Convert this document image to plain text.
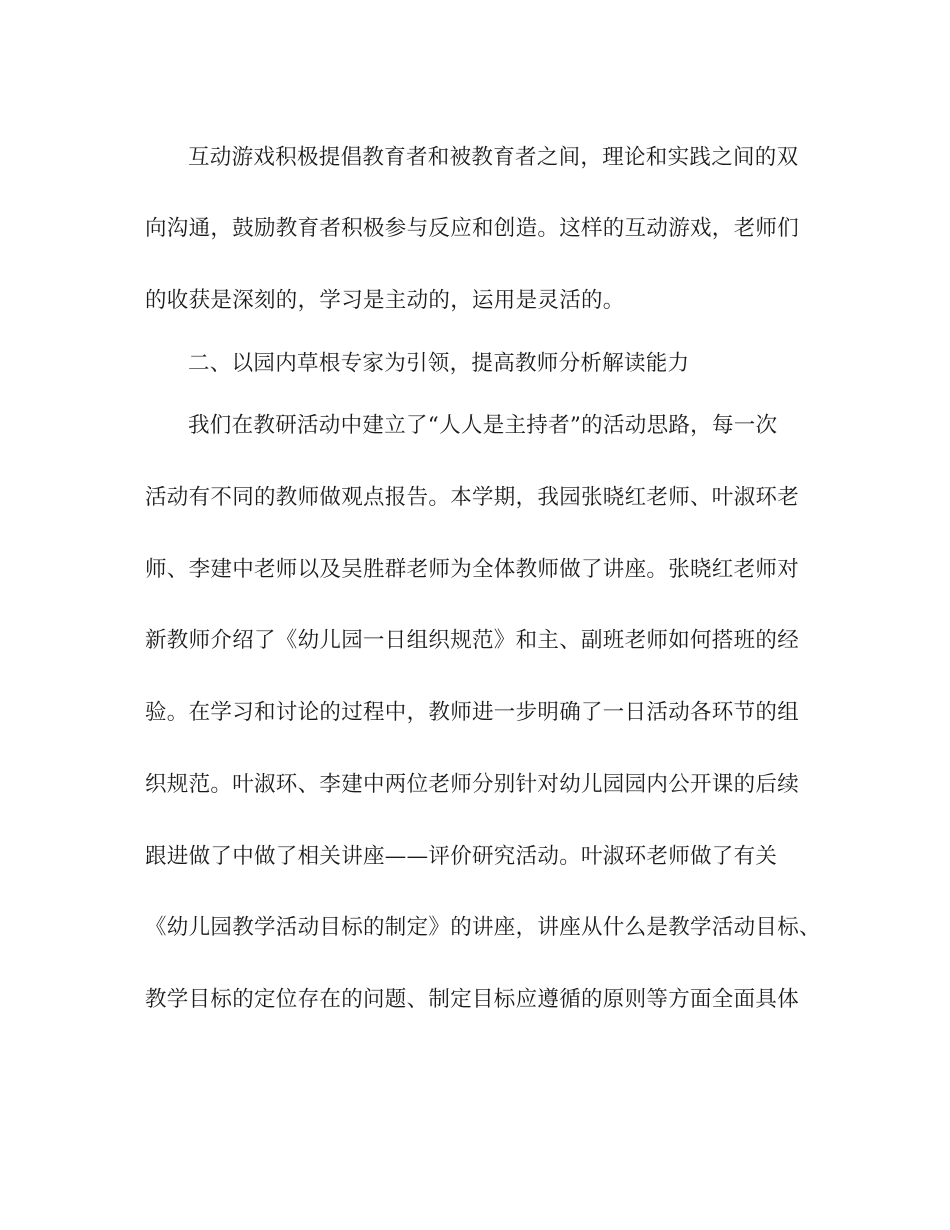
互动游戏积极提倡教育者和被教育者之间，理论和实践之间的双
向沟通，鼓励教育者积极参与反应和创造。这样的互动游戏，老师们
的收获是深刻的，学习是主动的，运用是灵活的。
二、以园内草根专家为引领，提高教师分析解读能力
我们在教研活动中建立了“人人是主持者”的活动思路，每一次
活动有不同的教师做观点报告。本学期，我园张晓红老师、叶淑环老
师、李建中老师以及吴胜群老师为全体教师做了讲座。张晓红老师对
新教师介绍了《幼儿园一日组织规范》和主、副班老师如何搭班的经
验。在学习和讨论的过程中，教师进一步明确了一日活动各环节的组
织规范。叶淑环、李建中两位老师分别针对幼儿园园内公开课的后续
跟进做了中做了相关讲座——评价研究活动。叶淑环老师做了有关
《幼儿园教学活动目标的制定》的讲座，讲座从什么是教学活动目标、
教学目标的定位存在的问题、制定目标应遵循的原则等方面全面具体
